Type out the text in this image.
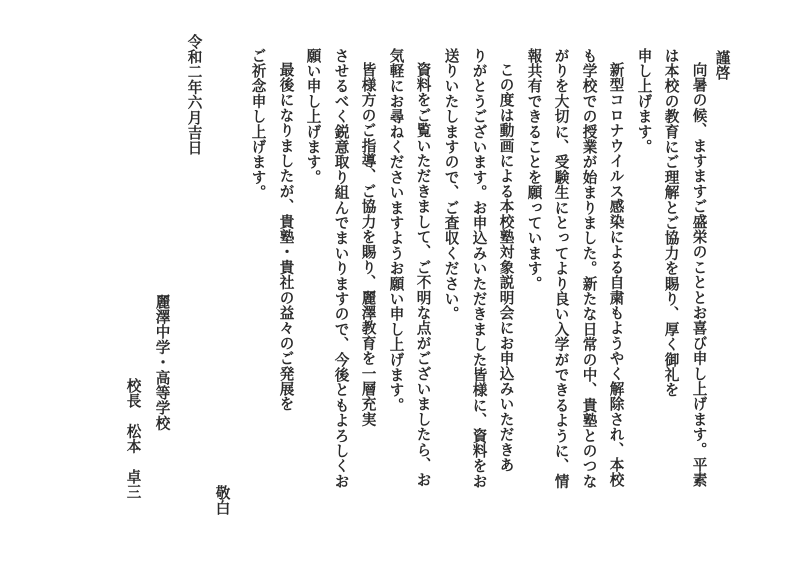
謹啓
向暑の候、ますますご盛栄のこととお喜び申し上げます。平素
は本校の教育にご理解とご協力を賜り、厚く御礼を
申し上げます。
新型コロナウイルス感染による自粛もようやく解除され、本校
も学校での授業が始まりました。新たな日常の中、貴塾とのつな
がりを大切に、受験生にとってより良い入学ができるように、情
報共有できることを願っています。
この度は動画による本校塾対象説明会にお申込みいただきあ
りがとうございます。お申込みいただきました皆様に、資料をお
送りいたしますので、ご査収ください。
資料をご覧いただきまして、ご不明な点がございましたら、お
気軽にお尋ねくださいますようお願い申し上げます。
皆様方のご指導、ご協力を賜り、麗澤教育を一層充実
させるべく鋭意取り組んでまいりますので、今後ともよろしくお
願い申し上げます。
最後になりましたが、貴塾・貴社の益々のご発展を
ご祈念申し上げます。
敬白
令和二年六月吉日
麗澤中学・高等学校
校長　松本　卓三
